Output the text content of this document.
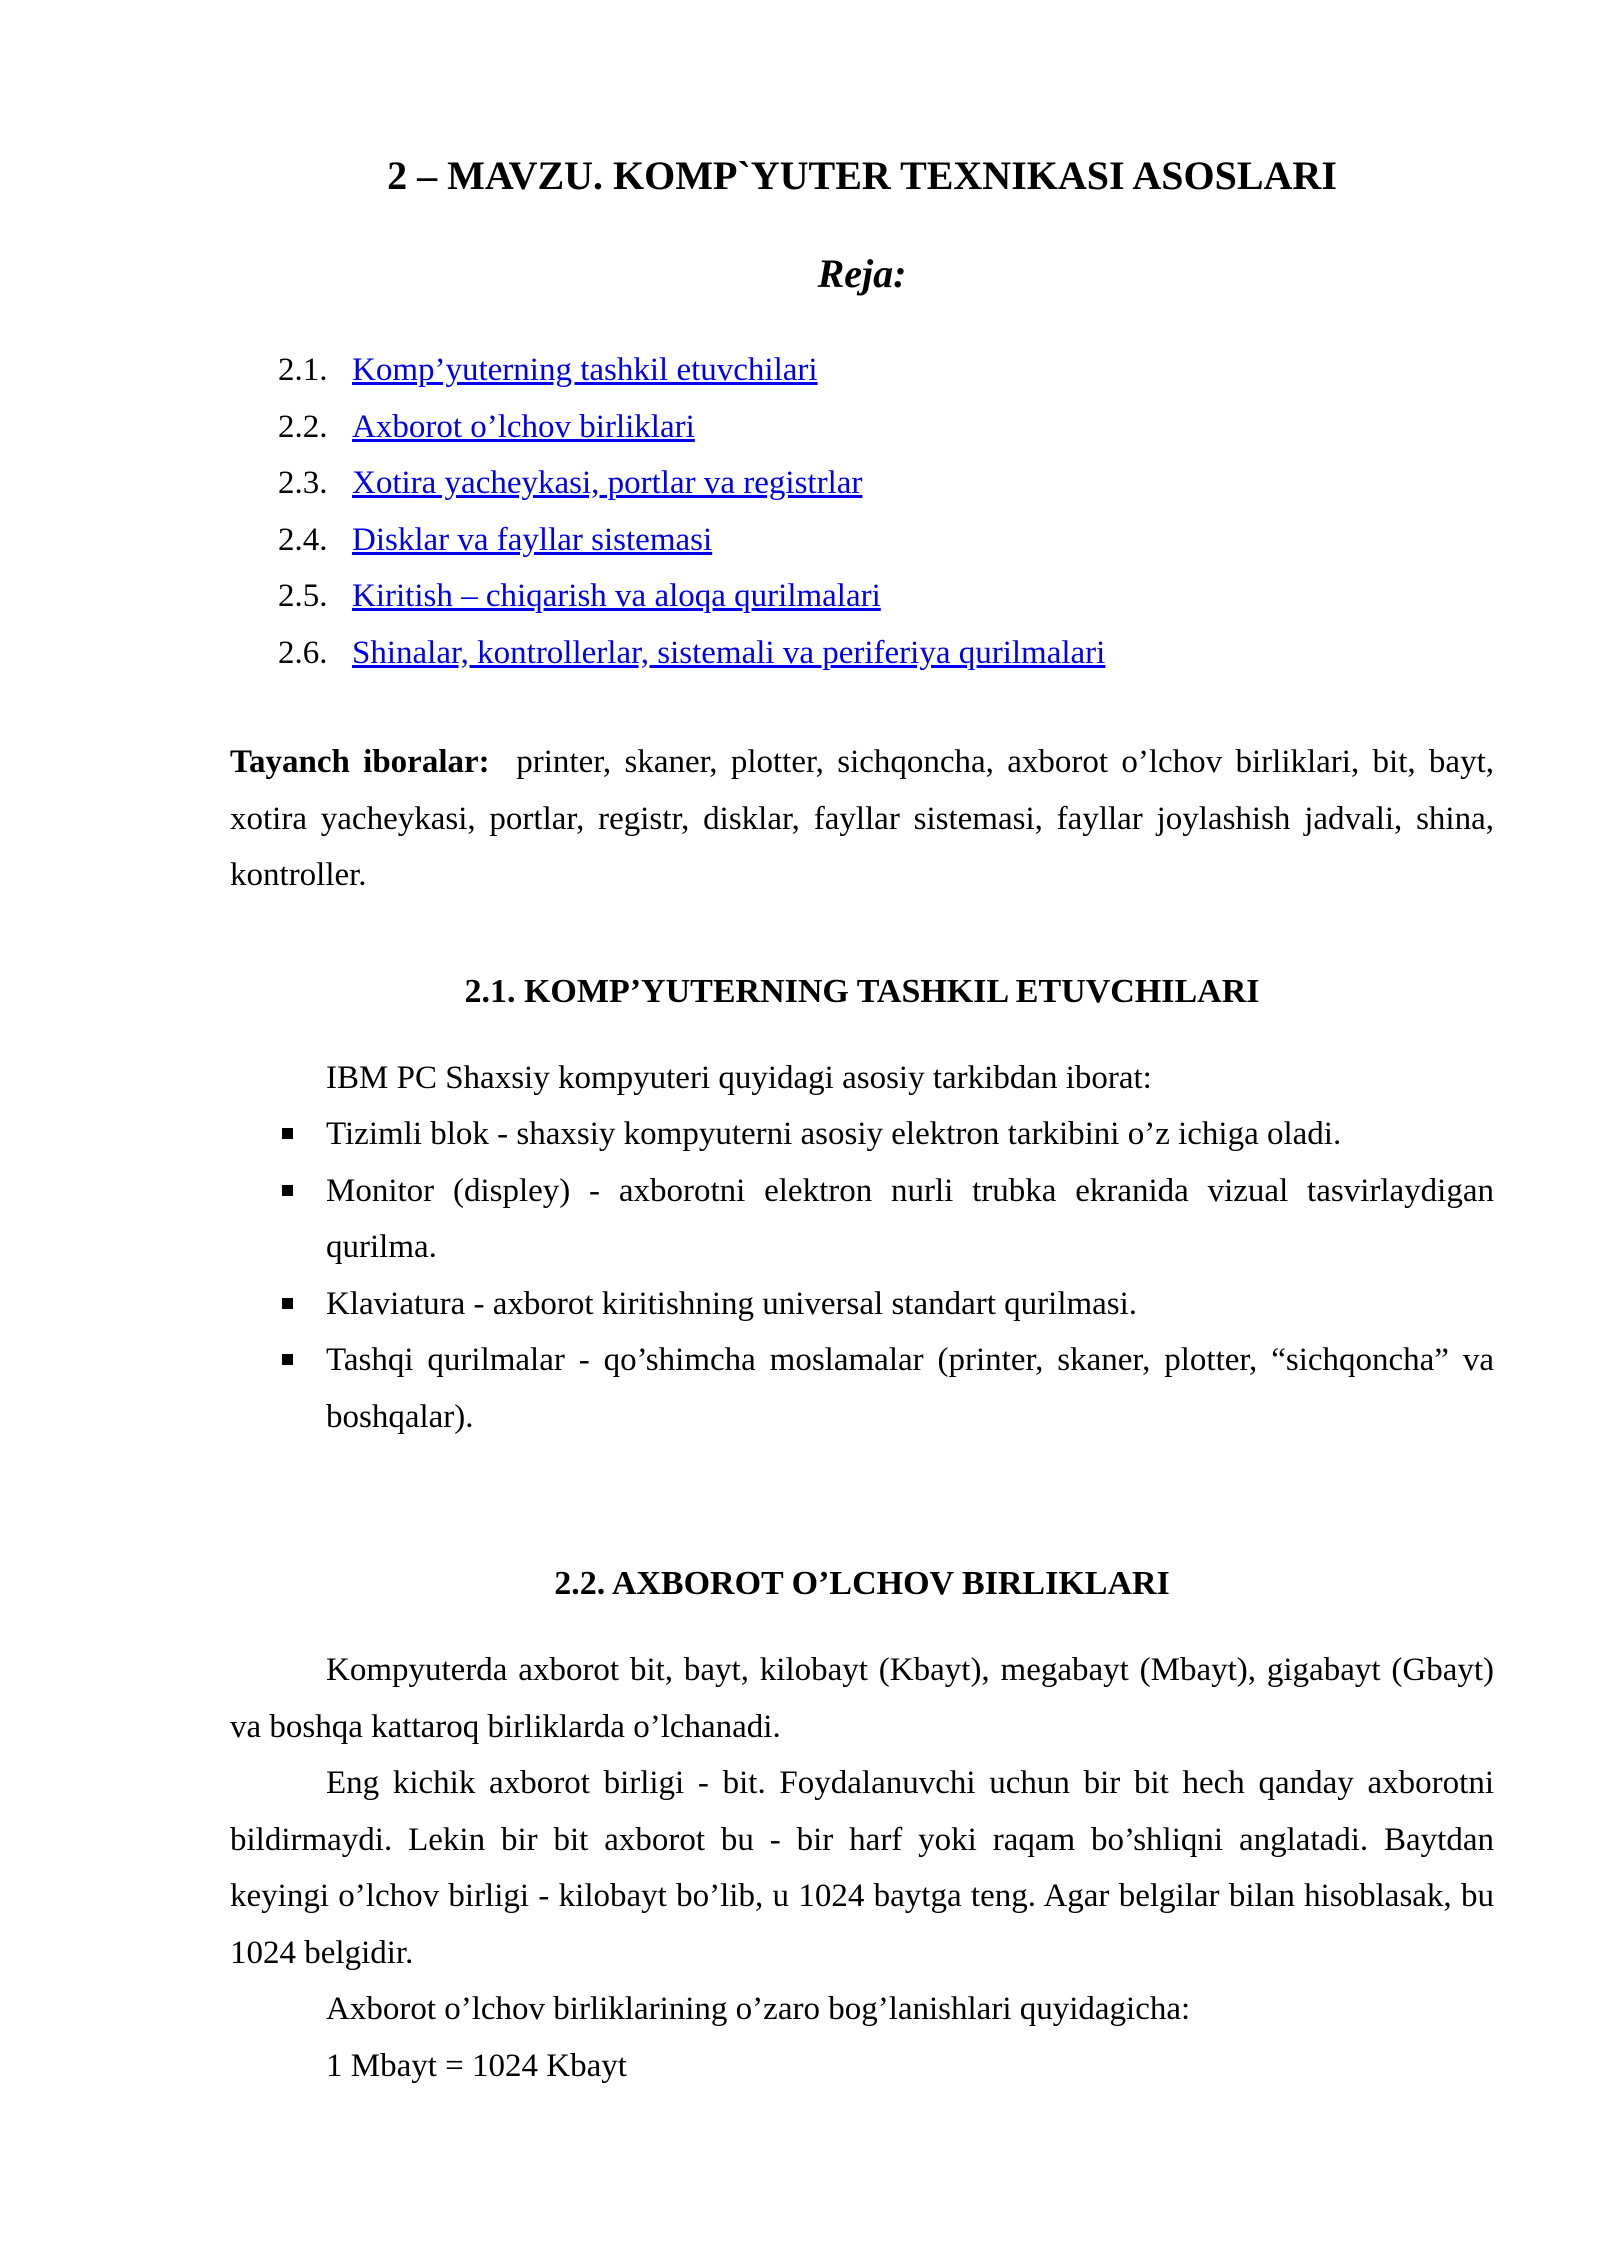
2 – MAVZU. KOMP`YUTER TEXNIKASI ASOSLARI
Reja:
2.1. Komp’yuterning tashkil etuvchilari
2.2. Axborot o’lchov birliklari
2.3. Xotira yacheykasi, portlar va registrlar
2.4. Disklar va fayllar sistemasi
2.5. Kiritish – chiqarish va aloqa qurilmalari
2.6. Shinalar, kontrollerlar, sistemali va periferiya qurilmalari

Tayanch iboralar: printer, skaner, plotter, sichqoncha, axborot o’lchov birliklari, bit, bayt, xotira yacheykasi, portlar, registr, disklar, fayllar sistemasi, fayllar joylashish jadvali, shina, kontroller.

2.1. KOMP’YUTERNING TASHKIL ETUVCHILARI

IBM PC Shaxsiy kompyuteri quyidagi asosiy tarkibdan iborat:

Tizimli blok - shaxsiy kompyuterni asosiy elektron tarkibini o’z ichiga oladi.
Monitor (displey) - axborotni elektron nurli trubka ekranida vizual tasvirlaydigan qurilma.
Klaviatura - axborot kiritishning universal standart qurilmasi.
Tashqi qurilmalar - qo’shimcha moslamalar (printer, skaner, plotter, “sichqoncha” va boshqalar).
2.2. AXBOROT O’LCHOV BIRLIKLARI

Kompyuterda axborot bit, bayt, kilobayt (Kbayt), megabayt (Mbayt), gigabayt (Gbayt) va boshqa kattaroq birliklarda o’lchanadi.

Eng kichik axborot birligi - bit. Foydalanuvchi uchun bir bit hech qanday axborotni bildirmaydi. Lekin bir bit axborot bu - bir harf yoki raqam bo’shliqni anglatadi. Baytdan keyingi o’lchov birligi - kilobayt bo’lib, u 1024 baytga teng. Agar belgilar bilan hisoblasak, bu 1024 belgidir.

Axborot o’lchov birliklarining o’zaro bog’lanishlari quyidagicha:

1 Mbayt = 1024 Kbayt
